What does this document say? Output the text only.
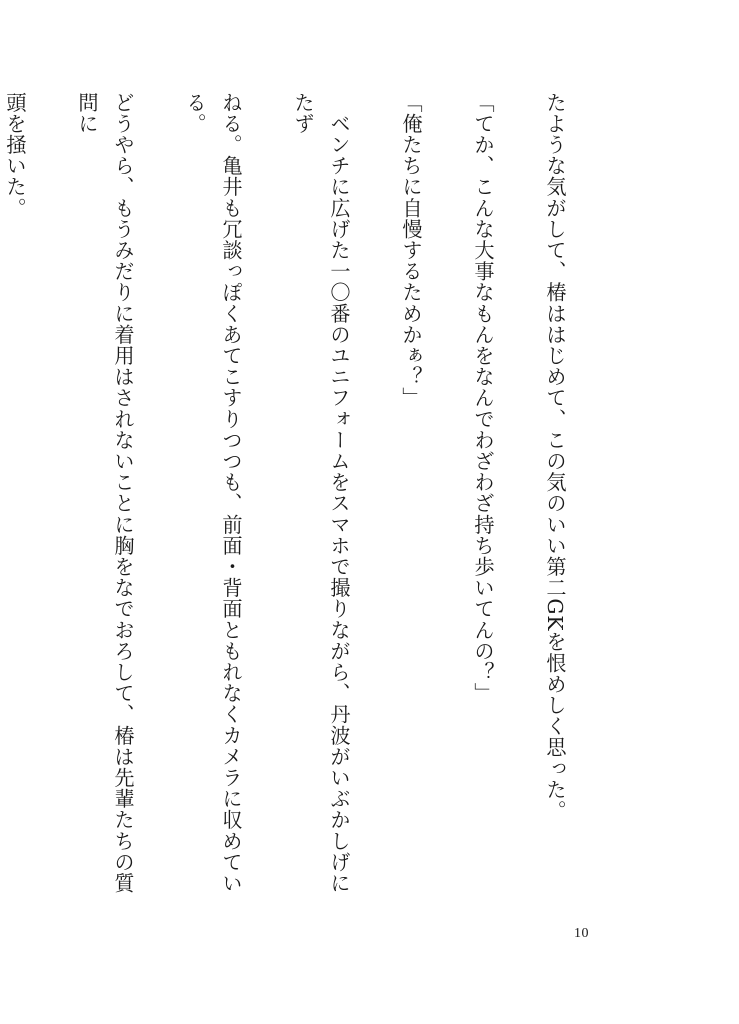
たような気がして、椿ははじめて、この気のいい第二GKを恨めしく思った。

「てか、こんな大事なもんをなんでわざわざ持ち歩いてんの？」

「俺たちに自慢するためかぁ？」

　ベンチに広げた一〇番のユニフォームをスマホで撮りながら、丹波がいぶかしげにたず

ねる。亀井も冗談っぽくあてこすりつつも、前面・背面ともれなくカメラに収めている。

どうやら、もうみだりに着用はされないことに胸をなでおろして、椿は先輩たちの質問に

頭を掻いた。

10
